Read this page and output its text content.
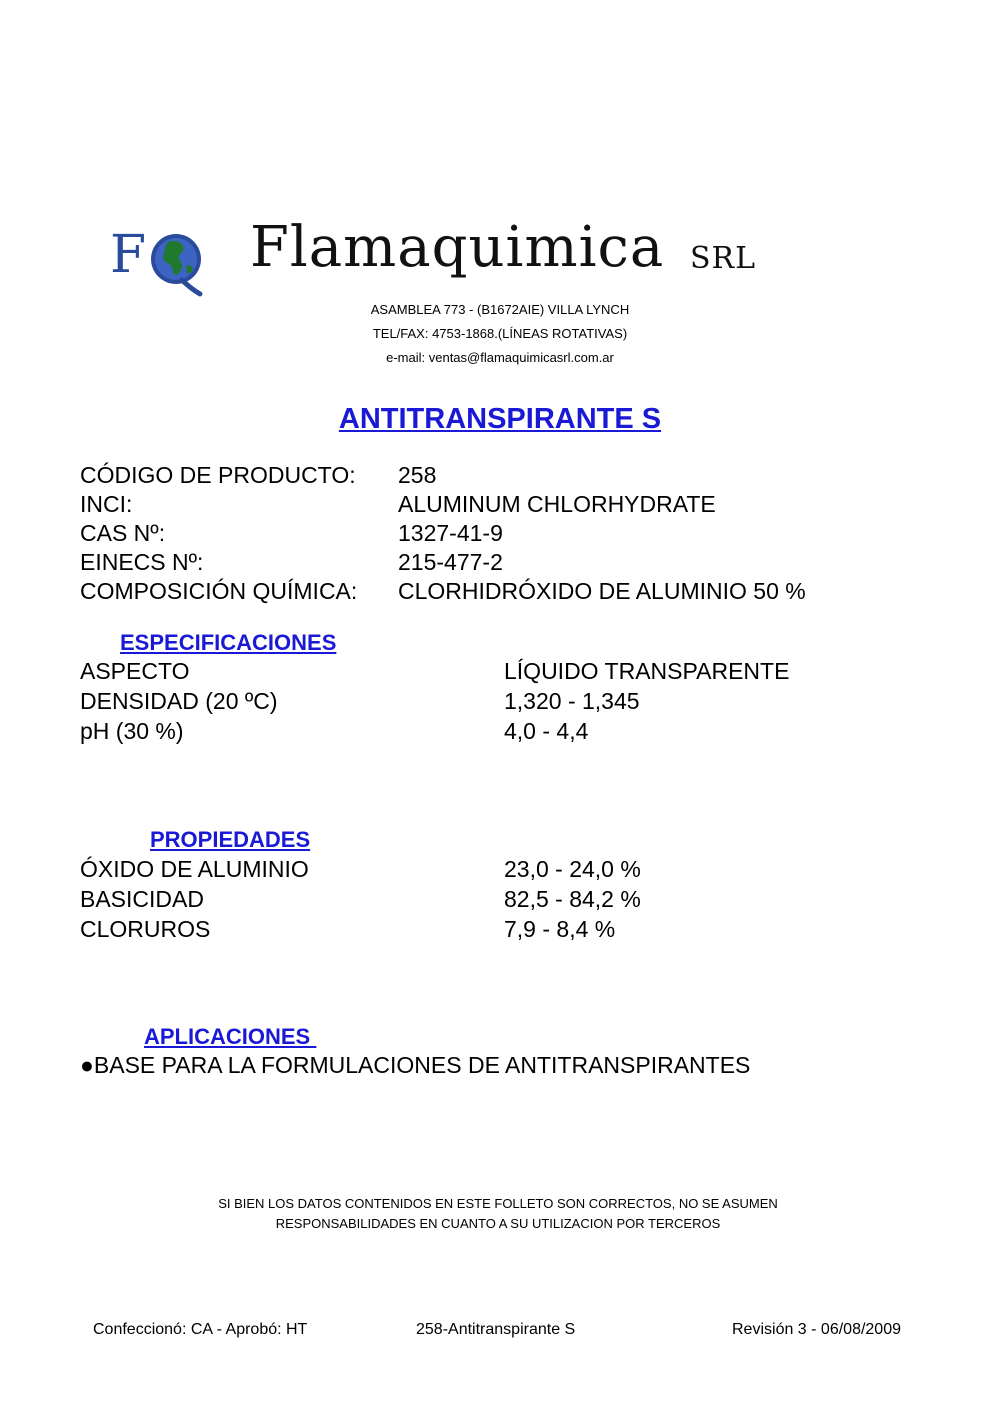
F Flamaquimica SRL
ASAMBLEA 773 - (B1672AIE) VILLA LYNCH
TEL/FAX: 4753-1868.(LÍNEAS ROTATIVAS)
e-mail: ventas@flamaquimicasrl.com.ar
ANTITRANSPIRANTE S
CÓDIGO DE PRODUCTO: 258
INCI:	ALUMINUM CHLORHYDRATE
CAS Nº:	1327-41-9
EINECS Nº:	215-477-2
COMPOSICIÓN QUÍMICA: CLORHIDRÓXIDO DE ALUMINIO 50 %
ESPECIFICACIONES
ASPECTO	LÍQUIDO TRANSPARENTE
DENSIDAD (20 ºC)	1,320 - 1,345
pH (30 %)	4,0 - 4,4
PROPIEDADES
ÓXIDO DE ALUMINIO	23,0 - 24,0 %
BASICIDAD	82,5 - 84,2 %
CLORUROS	7,9 - 8,4 %
APLICACIONES
●BASE PARA LA FORMULACIONES DE ANTITRANSPIRANTES
SI BIEN LOS DATOS CONTENIDOS EN ESTE FOLLETO SON CORRECTOS, NO SE ASUMEN
RESPONSABILIDADES EN CUANTO A SU UTILIZACION POR TERCEROS
Confeccionó: CA - Aprobó: HT	258-Antitranspirante S	Revisión 3 - 06/08/2009
